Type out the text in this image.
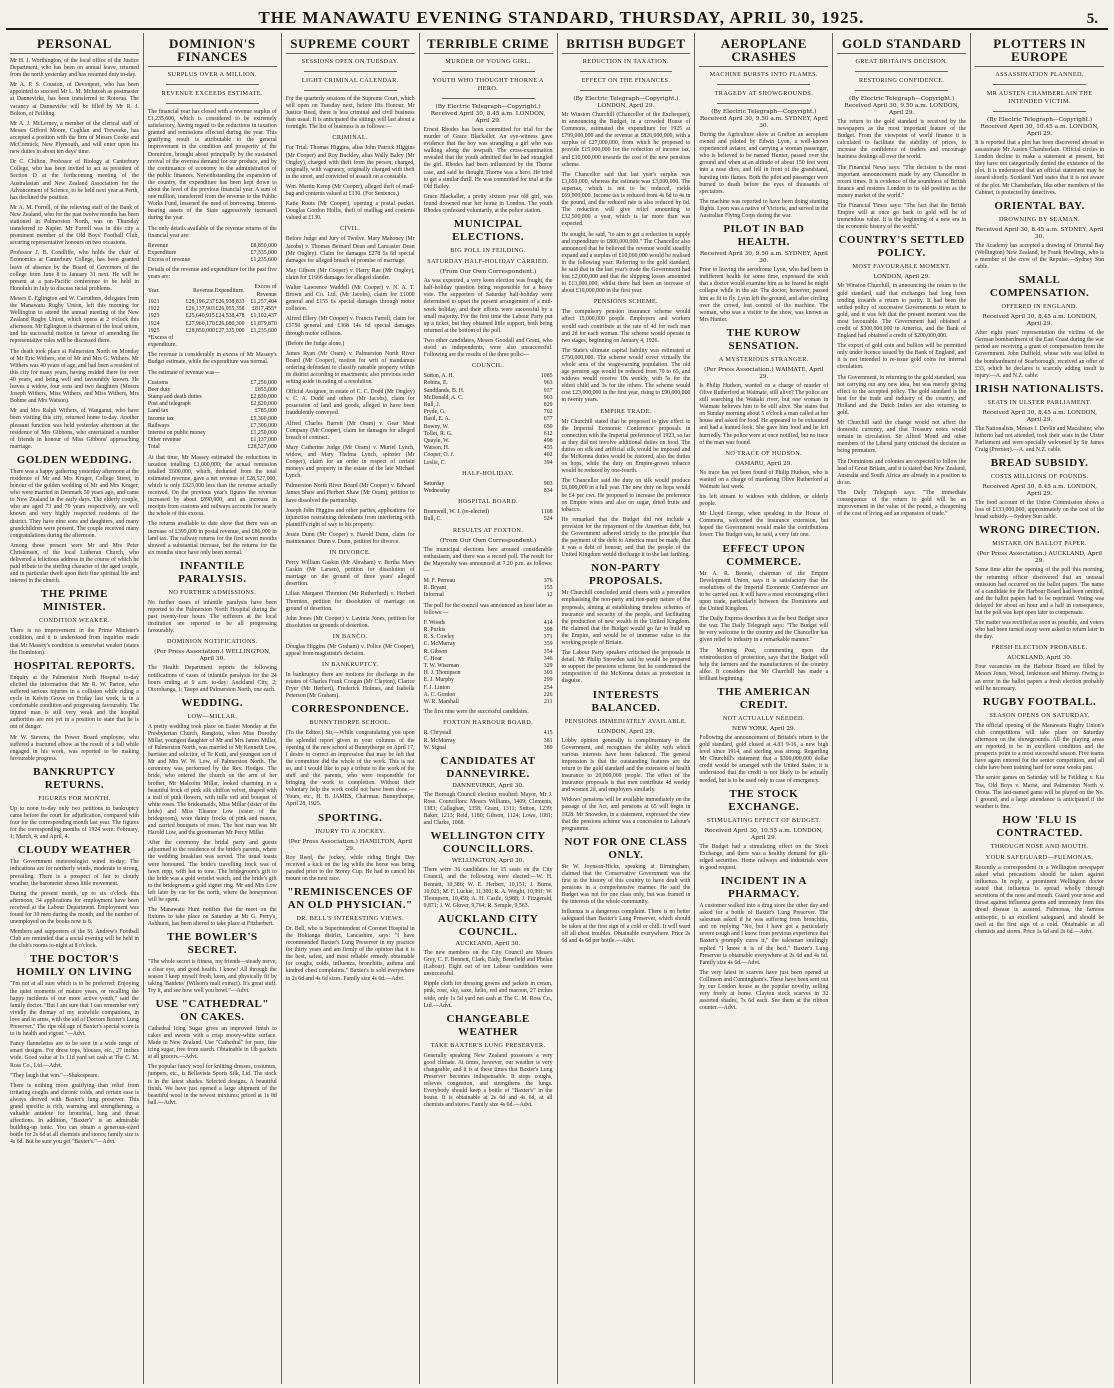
THE MANAWATU EVENING STANDARD, THURSDAY, APRIL 30, 1925.	5.
PERSONAL

Mr H. J. Worthington, of the local office of the Justice Department, who has been on annual leave, returned from the north yesterday and has resumed duty to-day.

Mr A. P. S. Couston, of Devonport, who has been appointed to succeed Mr L. M. McIntosh as postmaster at Dannevirke, has been transferred to Rotorua. The vacancy at Dannevirke will be filled by Mr R. J. Bolton, of Feilding.

Mr A. J. McLerney, a member of the clerical staff of Messrs Gifford Moore, Coghlan and Treweeke, has accepted a position with the firm of Messrs Cooke and McCormick, New Plymouth, and will enter upon his new duties in about ten days' time.

Dr C. Chilton, Professor of Biology at Canterbury College, who has been invited to act as president of Section D at the forthcoming meeting of the Australasian and New Zealand Association for the Advancement of Science, to be held next year at Perth, has declined the position.

Mr A. M. Forrell, of the relieving staff of the Bank of New Zealand, who for the past twelve months has been stationed in Palmerston North, was on Thursday transferred to Napier. Mr Forrell was in this city a prominent member of the Old Boys' Football Club, securing representative honours on two occasions.

Professor J. B. Condliffe, who holds the chair of Economics at Canterbury College, has been granted leave of absence by the Board of Governors of the college from June 8 to January 31 next. He will be present at a pan-Pacific conference to be held in Honolulu in July to discuss racial problems.

Messrs E. Eglington and W. Carruthers, delegates from the Manawatu Rugby Union, left this morning for Wellington to attend the annual meeting of the New Zealand Rugby Union, which opens at 2 o'clock this afternoon. Mr Eglington is chairman of the local union, and his successful motion in favour of amending the representative rules will be discussed there.

The death took place at Palmerston North on Monday of Mr Eric Withers, son of Mr and Mrs G. Withers. Mr Withers was 40 years of age, and had been a resident of this city for many years, having resided there for over 40 years, and being well and favourably known. He leaves a widow, four sons and two daughters (Messrs Joseph Withers, Miss Withers, and Miss Withers, Mrs Bohme and Mrs Watson).

Mr and Mrs Ralph Withers, of Wanganui, who have been visiting this city, returned home to-day. Another pleasant function was held yesterday afternoon at the residence of Mrs Gibbons, who entertained a number of friends in honour of Miss Gibbons' approaching marriage.

GOLDEN WEDDING.

There was a happy gathering yesterday afternoon at the residence of Mr and Mrs Kruger, College Street, in honour of the golden wedding of Mr and Mrs Kruger, who were married in Denmark 50 years ago, and came to New Zealand in the early days. The elderly couple, who are aged 73 and 70 years respectively, are well known and very highly respected residents of the district. They have nine sons and daughters, and many grandchildren were present. The couple received many congratulations during the afternoon.

Among those present were Mr and Mrs Peter Christensen, of the local Lutheran Church, who delivered a felicitous address in the course of which he paid tribute to the sterling character of the aged couple, and in particular dwelt upon their fine spiritual life and interest in the church.

THE PRIME MINISTER.
CONDITION WEAKER.

There is no improvement in the Prime Minister's condition, and it is understood from inquiries made that Mr Massey's condition is somewhat weaker (states the Dominion).

HOSPITAL REPORTS.

Enquiry at the Palmerston North Hospital to-day elicited the information that Mr R. W. Parton, who suffered serious injuries in a collision while riding a cycle in Kelvin Grove on Friday last week, is in a comfortable condition and progressing favourably. The injured man is still very weak and the hospital authorities are not yet in a position to state that he is out of danger.

Mr W. Stevens, the Power Board employee, who suffered a fractured elbow as the result of a fall while engaged in his work, was reported to be making favourable progress.

BANKRUPTCY RETURNS.
FIGURES FOR MONTH.

Up to noon to-day only two petitions in bankruptcy came before the court for adjudication, compared with four for the corresponding month last year. The figures for the corresponding months of 1924 were: February, 1; March, 4; and April, 4.

CLOUDY WEATHER

The Government meteorologist wired to-day: The indications are for northerly winds, moderate to strong, prevailing. There is a prospect of fair to cloudy weather, the barometer shows little movement.

During the present month, up to six o'clock this afternoon, 34 applications for employment have been received at the Labour Department. Employment was found for 30 men during the month, and the number of unemployed on the books now is 8.

Members and supporters of the St. Andrew's Football Club are reminded that a social evening will be held in the club's rooms to-night at 8 o'clock.

THE DOCTOR'S HOMILY ON LIVING

"I'm not at all sure which is to be preferred: Enjoying the quiet moments of mature years, or recalling the happy incidents of our more active youth," said the family doctor. "But I am sure that I can remember very vividly the dismay of my erstwhile companions, in love and in arms, with the aid of Doctors Baxter's Lung Preserver." The ripe old age of Baxter's special score is to its health and vigour."—Advt.

Fancy flannelettes are to be seen in a wide range of smart designs. For dress tops, blouses, etc., 27 inches wide. Good value at 1s 11d yard set cash at The C. M. Ross Co., Ltd.—Advt.

"They laugh that win."—Shakespeare.

There is nothing more gratifying than relief from irritating coughs and chronic colds, and certain ease is always derived with Baxter's lung preserver. This grand specific is rich, warming and strengthening, a valuable antidote for bronchial, lung and throat affections. In addition, "Baxter's" is an admirable building-up tonic. You can obtain a generous-sized bottle for 2s 6d at all chemists and stores; family size is 4s 6d. But be sure you get "Baxter's."—Advt.

DOMINION'S FINANCES
SURPLUS OVER A MILLION.
REVENUE EXCEEDS ESTIMATE.

The financial year has closed with a revenue surplus of £1,235,600, which is considered to be extremely satisfactory, having regard to the reductions in taxation granted and remissions effected during the year. This gratifying result is attributable to the general improvement in the condition and prosperity of the Dominion, brought about principally by the sustained revival of the oversea demand for our produce, and by the continuance of economy in the administration of the public finances. Notwithstanding the expansion of the country, the expenditure has been kept down to about the level of the previous financial year. A sum of one million, transferred from the revenue to the Public Works Fund, lessened the need of borrowing. Interest-bearing assets of the State aggressively increased during the year.

The only details available of the revenue returns of the financial year are:

Revenue	£8,850,000
Expenditure	£7,335,000
Excess of revenue	£1,235,600

Details of the revenue and expenditure for the past five years are:

Year.	Revenue.	Expenditure.	Excess of Revenue
1921	£28,196,237	£26,938,833	£1,257,404
1922	£26,137,903	£26,955,358	£817,455*
1923	£25,640,915	£24,538,478	£1,102,437
1924	£27,960,170	£26,080,300	£1,879,870
1925	£28,850,000	£27,335,000	£1,235,600
*Excess of expenditure.			

The revenue is considerably in excess of Mr Massey's Budget estimate, while the expenditure was normal.

The estimate of revenue was—

Customs	£7,250,000
Beer duty	£855,000
Stamp and death duties	£2,830,000
Post and telegraph	£2,820,000
Land tax	£785,000
Income tax	£5,300,000
Railways	£7,300,000
Interest on public money	£1,250,000
Other revenue	£1,137,000
Total	£28,527,000

At that time, Mr Massey estimated the reductions in taxation totalling £1,000,000; the actual remission totalled £600,000, which, deducted from the total estimated revenue, gave a net revenue of £28,527,000, which is only £323,000 less than the revenue actually received. On the previous year's figures the revenue increased by about £890,000, and an increase in receipts from customs and railways accounts for nearly the whole of this excess.

The returns available to date show that there was an increase of £395,000 in postal revenue, and £86,000 in land tax. The railway returns for the first seven months showed a substantial increase, but the returns for the six months since have only been normal.

INFANTILE PARALYSIS.
NO FURTHER ADMISSIONS.

No further cases of infantile paralysis have been reported to the Palmerston North Hospital during the past twenty-four hours. The sufferers at the local institution are reported to be all progressing favourably.

DOMINION NOTIFICATIONS.
(Per Press Association.) WELLINGTON, April 30.

The Health Department reports the following notifications of cases of infantile paralysis for the 24 hours ending at 9 a.m. to-day: Auckland City, 2; Otorohanga, 1; Taupo and Palmerston North, one each.

WEDDING.
LOW—MILLAR.

A pretty wedding took place on Easter Monday at the Presbyterian Church, Rangiotu, when Miss Dorothy Millar, youngest daughter of Mr and Mrs James Millar, of Palmerston North, was married to Mr Kenneth Low, barrister and solicitor, of Te Kuiti, and youngest son of Mr and Mrs W. W. Low, of Palmerston North. The ceremony was performed by the Rev. Hodges. The bride, who entered the church on the arm of her brother, Mr Malcolm Millar, looked charming in a beautiful frock of pink silk chiffon velvet, draped with a trail of pink flowers, with tulle veil and bouquet of white roses. The bridesmaids, Miss Millar (sister of the bride) and Miss Eleanor Low (sister of the bridegroom), wore dainty frocks of pink and mauve, and carried bouquets of roses. The best man was Mr Harold Low, and the groomsman Mr Percy Millar.

After the ceremony the bridal party and guests adjourned to the residence of the bride's parents, where the wedding breakfast was served. The usual toasts were honoured. The bride's travelling frock was of fawn repp, with hat to tone. The bridegroom's gift to the bride was a gold wristlet watch, and the bride's gift to the bridegroom a gold signet ring. Mr and Mrs Low left later by car for the north, where the honeymoon will be spent.

The Manawatu Hunt notifies that the meet on the fixtures to take place on Saturday at Mr G. Perry's, Ashhurst, has been altered to take place at Fitzherbert.

THE BOWLER'S SECRET.

"The whole secret is fitness, my friends—steady nerve, a clear eye, and good health. I know! All through the season I keep myself fresh, keen, and physically fit by taking 'Batdens' (Wilson's malt extract). It's great stuff. Try it, and see how well you bowl."—Advt.

USE "CATHEDRAL" ON CAKES.

Cathedral Icing Sugar gives an improved finish to cakes and sweets with a crisp snowy-white surface. Made in New Zealand. Use "Cathedral" for pure, fine icing sugar, free from starch. Obtainable in 1lb packets at all grocers.—Advt.

The popular fancy wool for knitting dresses, costumes, jumpers, etc., is Bellavista Sports Silk, Ltd. The stock is in the latest shades. Selected designs. A beautiful finish. We have just opened a large shipment of the beautiful wool in the newest mixtures; priced at 1s 8d ball.—Advt.

SUPREME COURT
SESSIONS OPEN ON TUESDAY.
LIGHT CRIMINAL CALENDAR.

For the quarterly sessions of the Supreme Court, which will open on Tuesday next, before His Honour, Mr Justice Reed, there is less criminal and civil business than usual. It is anticipated the sittings will last about a fortnight. The list of business is as follows:—

CRIMINAL.

For Trial. Thomas Higgins, alias John Patrick Higgins (Mr Cooper) and Roy Buckley, alias Wally Baley (Mr Ongley), charged with theft from the person; charged, originally, with vagrancy, originally charged with theft in the street, and convicted of assault on a constable.

Wm. Martin Kemp (Mr Cooper), alleged theft of mail-bag and contents valued at £130. (For Sentence.)

Katie Roots (Mr Cooper), opening a postal packet. Douglas Gordon Hollis, theft of mailbag and contents valued at £130.

CIVIL.

Before Judge and Jury of Twelve. Mary Mahoney (Mr Jacobs) v. Thomas Bernard Dean and Lancaster Dean (Mr Ongley). Claim for damages £278 5s 6d special damages for alleged breach of promise of marriage.

May Gibson (Mr Cooper) v. Harry Rae (Mr Ongley), claim for £1666 damages for alleged slander.

Walter Lawrence Waddell (Mr Cooper) v. N. A. T. Brown and Co. Ltd. (Mr Jacobs), claim for £1000 general and £155 6s special damages through motor collision.

Alfred Ellery (Mr Cooper) v. Francis Farrell, claim for £3750 general and £368 14s 6d special damages through motor collision.

(Before the Judge alone.)

James Ryan (Mr Oram) v. Palmerston North River Board (Mr Cooper), motion for writ of mandamus ordering defendant to classify rateable property within its district according to enactments; also previous order setting aside its rating of a resolution.

Official Assignee, in estate of C. C. Dodd (Mr Ongley) v. C. A. Dodd and others (Mr Jacobs), claim for possession of land and goods, alleged to have been fraudulently conveyed.

Alfred Charles Barrett (Mr Oram) v. Gear Meat Company (Mr Cooper), claim for damages for alleged breach of contract.

Mary Catherine Judge (Mr Oram) v. Muriel Lynch, widow, and Mary Thelma Lynch, spinster (Mr Cooper), claim for an order in respect of certain moneys and property in the estate of the late Michael Lynch.

Palmerston North River Board (Mr Cooper) v. Edward James Shaw and Herbert Shaw (Mr Oram), petition to have dissolved the partnership.

Joseph John Higgins and other parties, applications for injunction restraining defendants from interfering with plaintiff's right of way to his property.

Jessie Dunn (Mr Cooper) v. Harold Dunn, claim for maintenance. Dunn v. Dunn, petition for divorce.

IN DIVORCE.

Percy William Gaskin (Mr Abraham) v. Bertha Mary Gaskin (Mr Larsen), petition for dissolution of marriage on the ground of three years' alleged desertion.

Lilian Margaret Thornton (Mr Rutherfurd) v. Herbert Thornton, petition for dissolution of marriage on ground of desertion.

John Jones (Mr Cooper) v. Lavinia Jones, petition for dissolution on grounds of desertion.

IN BANCO.

Douglas Higgins (Mr Graham) v. Police (Mr Cooper), appeal from magistrate's decision.

IN BANKRUPTCY.

In bankruptcy there are motions for discharge in the estates of Charles Frank Coogan (Mr Clayton), Clarice Fryer (Mr Herbert), Frederick Holmes, and Isabella Peterson (Mr Graham).

CORRESPONDENCE.
BUNNYTHORPE SCHOOL.

(To the Editor.) Sir,—While congratulating you upon the splendid report given in your columns of the opening of the new school at Bunnythorpe on April 17, I desire to correct an impression that may be left that the committee did the whole of the work. This is not so, and I would like to pay a tribute to the work of the staff and the parents, who were responsible for bringing the work to completion. Without their voluntary help the work could not have been done.—Yours, etc., H. B. JAMES, Chairman. Bunnythorpe, April 28, 1925.

SPORTING.
INJURY TO A JOCKEY.
(Per Press Association.) HAMILTON, April 29.

Roy Reed, the jockey, while riding Bright Day received a kick on the leg while the horse was being paraded prior to the Storey Cup. He had to cancel his mount on the next race.

"REMINISCENCES OF AN OLD PHYSICIAN."
DR. BELL'S INTERESTING VIEWS.

Dr. Bell, who is Superintendent of Coronet Hospital in the Hokianga district, Lancashire, says: "I have recommended Baxter's Lung Preserver in my practice for thirty years and am firmly of the opinion that it is the best, safest, and most reliable remedy obtainable for coughs, colds, influenza, bronchitis, asthma and kindred chest complaints." Baxter's is sold everywhere in 2s 6d and 4s 6d sizes. Family size 4s 6d.—Advt.

TERRIBLE CRIME
MURDER OF YOUNG GIRL.
YOUTH WHO THOUGHT THORNE A HERO.
(By Electric Telegraph—Copyright.) Received April 30, 8.45 a.m. LONDON, April 29.

Ernest Rhodes has been committed for trial for the murder of Grace Blackaller. An eye-witness gave evidence that the boy was strangling a girl who was walking along the towpath. The cross-examination revealed that the youth admitted that he had strangled the girl. Rhodes had been influenced by the Thorne case, and said he thought Thorne was a hero. He tried to get a similar thrill. He was committed for trial at the Old Bailey.

Grace Blackaller, a pretty sixteen year old girl, was found drowned near her home in London. The youth Rhodes confessed voluntarily, at the police station.

MUNICIPAL ELECTIONS.
BIG POLL IN FEILDING.
SATURDAY HALF-HOLIDAY CARRIED.
(From Our Own Correspondent.)

As was expected, a very keen election was fought, the half-holiday question being responsible for a heavy vote. The supporters of Saturday half-holiday were determined to upset the present arrangement of a mid-week holiday, and their efforts were successful by a small majority. For the first time the Labour Party put up a ticket, but they obtained little support, both being returned at the bottom of the poll.

Two other candidates, Messrs Goodall and Grant, who stood as independents, were also unsuccessful. Following are the results of the three polls:—

COUNCIL.
Sutton, A. H.	1085
Robins, E.	963
Sandilands, B. H.	937
McDonald, A. C.	903
Bull, J.	829
Pryde, G.	702
Basil, E. A.	677
Bowey, W.	650
Tollet, R. G.	612
Quayle, W.	498
Watson, H.	455
Cooper, O. J.	402
Leslie, C.	394
HALF-HOLIDAY.
Saturday	903
Wednesday	834
HOSPITAL BOARD.
Bramwell, W. J. (re-elected)	1108
Bull, C.	524
RESULTS AT FOXTON.
(From Our Own Correspondent.)

The municipal elections here aroused considerable enthusiasm, and there was a record poll. The result for the Mayoralty was announced at 7.20 p.m. as follows:—

M. F. Perreau	376
R. Bryant	155
Informal	12

The poll for the council was announced an hour later as follows:—

F. Woods	414
R. Purkis	398
R. S. Cowley	371
C. McMurray	359
R. Gibson	354
C. Hoar	346
T. W. Wiseman	329
H. J. Thompson	303
E. J. Murphy	299
F. J. Linton	254
A. C. Gordon	226
W. R. Marshall	211

The first nine were the successful candidates.

FOXTON HARBOUR BOARD.
R. Chrystall	415
R. McMurray	381
W. Signal	380
CANDIDATES AT DANNEVIRKE.
DANNEVIRKE, April 30.

The Borough Council election resulted: Mayor, Mr J. Rose. Councillors: Messrs Williams, 1409; Clements, 1383; Callaghan, 1358; Grant, 1311; Sutton, 1239; Baker, 1213; Reid, 1180; Gibson, 1124; Lowe, 1081; and Clarke, 1068.

WELLINGTON CITY COUNCILLORS.
WELLINGTON, April 30.

There were 36 candidates for 15 seats on the City Council, and the following were elected:—W. H. Bennett, 10,386; W. E. Herbert, 10,151; J. Burns, 10,023; M. F. Luckie, 11,300; R. A. Wright, 10,991; W. Thompson, 10,458; A. H. Castle, 9,988; J. Fitzgerald, 9,871; J. W. Glover, 9,764; R. Semple, 9,563.

AUCKLAND CITY COUNCIL.
AUCKLAND, April 30.

The new members on the City Council are Messrs Grey, C. F. Bennett, Clark, Eady, Benefield and Phelan (Labour). Eight out of ten Labour candidates were unsuccessful.

Ripple cloth for dressing gowns and jackets in cream, pink, rose, sky, saxe, helio, red and maroon, 27 inches wide, only 1s 5d yard net cash at The C. M. Ross Co., Ltd.—Advt.

CHANGEABLE WEATHER
TAKE BAXTER'S LUNG PRESERVER.

Generally speaking New Zealand possesses a very good climate. At times, however, our weather is very changeable, and it is at these times that Baxter's Lung Preserver becomes indispensable. It stops coughs, relieves congestion, and strengthens the lungs. Everybody should keep a bottle of "Baxter's" in the house. It is obtainable at 2s 6d and 4s 6d, at all chemists and stores. Family size 4s 6d.—Advt.

BRITISH BUDGET
REDUCTION IN TAXATION.
EFFECT ON THE FINANCES.
(By Electric Telegraph—Copyright.) LONDON, April 29.

Mr Winston Churchill (Chancellor of the Exchequer), in announcing the Budget, in a crowded House of Commons, estimated the expenditure for 1925 at £799,000,000 and the revenue at £826,000,000, with a surplus of £27,000,000, from which he proposed to provide £15,000,000 for the reduction of income tax, and £10,000,000 towards the cost of the new pensions scheme.

The Chancellor said that last year's surplus was £3,659,000, whereas the estimate was £3,000,000. The supertax, which is not to be reduced, yields £69,000,000. Income tax is reduced from 4s 6d to 4s in the pound, and the reduced rate is also reduced by 6d. The reduction will give relief amounting to £32,500,000 a year, which is far more than was expected.

He sought, he said, "to aim to get a reduction in supply and expenditure to £800,000,000." The Chancellor also announced that he believed the revenue would steadily expand and a surplus of £10,000,000 would be realised in the following year. Referring to the gold standard, he said that in the last year's trade the Government had lost £2,000,000 and that the shipping losses amounted to £13,000,000, whilst there had been an increase of about £10,000,000 in the first year.

PENSIONS SCHEME.

The compulsory pension insurance scheme would affect 15,000,000 people. Employers and workers would each contribute at the rate of 4d for each man and 2d for each woman. The scheme would operate in two stages, beginning on January 4, 1926.

The State's ultimate capital liability was estimated at £750,000,000. The scheme would cover virtually the whole area of the wage-earning population. The old age pension age would be reduced from 70 to 65, and widows would receive 10s weekly, with 5s for the eldest child and 3s for the others. The scheme would cost £23,000,000 in the first year, rising to £90,000,000 in twenty years.

EMPIRE TRADE.

Mr Churchill stated that he proposed to give effect to the Imperial Economic Conference proposals in connection with the Imperial preference of 1923, so far as they did not involve additional duties on food. The duties on silk and artificial silk would be imposed and the McKenna duties would be restored, also the duties on hops, while the duty on Empire-grown tobacco would be reduced by one-fourth.

The Chancellor said the duty on silk would produce £6,000,000 in a full year. The new duty on hops would be £4 per cwt. He proposed to increase the preference on Empire wines and also on sugar, dried fruits and tobacco.

He remarked that the Budget did not include a provision for the repayment of the American debt, but the Government adhered strictly to the principle that the payment of the debt to America must be made, that it was a debt of honour, and that the people of the United Kingdom would discharge it to the last farthing.

NON-PARTY PROPOSALS.

Mr Churchill concluded amid cheers with a peroration emphasising the non-party and non-party nature of the proposals, aiming at establishing timeless schemes of insurance and security of the people, and facilitating the production of new wealth in the United Kingdom. He claimed that the Budget would go far to build up the Empire, and would be of immense value to the working people of Britain.

The Labour Party speakers criticised the proposals in detail. Mr Philip Snowden said he would be prepared to support the pensions scheme, but he condemned the reimposition of the McKenna duties as protection in disguise.

INTERESTS BALANCED.
PENSIONS IMMEDIATELY AVAILABLE.
LONDON, April 29.

Lobby opinion generally is complimentary to the Government, and recognises the ability with which various interests have been balanced. The general impression is that the outstanding features are the return to the gold standard and the extension of health insurance to 20,000,000 people. The effect of the insurance proposals is that men contribute 4d weekly and women 2d, and employers similarly.

Widows' pensions will be available immediately on the passage of the Act, and pensions at 65 will begin in 1928. Mr Snowden, in a statement, expressed the view that the pensions scheme was a concession to Labour's programme.

NOT FOR ONE CLASS ONLY.

Sir W. Joynson-Hicks, speaking at Birmingham, claimed that the Conservative Government was the first in the history of this country to have dealt with pensions in a comprehensive manner. He said the Budget was not for one class only, but was framed in the interests of the whole community.

Influenza is a dangerous complaint. There is no better safeguard than Baxter's Lung Preserver, which should be taken at the first sign of a cold or chill. It will ward off all chest troubles. Obtainable everywhere. Price 2s 6d and 4s 6d per bottle.—Advt.

AEROPLANE CRASHES
MACHINE BURSTS INTO FLAMES.
TRAGEDY AT SHOWGROUNDS.
(By Electric Telegraph—Copyright.) Received April 30, 9.50 a.m. SYDNEY, April 30.

During the Agriculture show at Grafton an aeroplane owned and piloted by Edwin Lyon, a well-known experienced aviator, and carrying a woman passenger, who is believed to be named Hunter, passed over the ground and when at an altitude of about 150 feet went into a nose dive, and fell in front of the grandstand, bursting into flames. Both the pilot and passenger were burned to death before the eyes of thousands of spectators.

The machine was reported to have been doing stunting flights. Lyon was a native of Victoria, and served in the Australian Flying Corps during the war.

PILOT IN BAD HEALTH.
Received April 30, 9.50 a.m. SYDNEY, April 30.

Prior to leaving the aerodrome Lyon, who had been in indifferent health for some time, expressed the wish that a doctor would examine him as he feared he might collapse while in the air. The doctor, however, passed him as fit to fly. Lyon left the ground, and after circling over the crowd, lost control of the machine. The woman, who was a visitor to the show, was known as Mrs Hunter.

THE KUROW SENSATION.
A MYSTERIOUS STRANGER.
(Per Press Association.) WAIMATE, April 29.

Is Philip Hudson, wanted on a charge of murder of Olive Rutherford at Waimate, still alive? The police are still searching the Waitaki river, but one woman in Waimate believes him to be still alive. She states that on Sunday morning about 5 o'clock a man called at her house and asked for food. He appeared to be exhausted and had a hunted look. She gave him food and he left hurriedly. The police were at once notified, but no trace of the man was found.

NO TRACE OF HUDSON.
OAMARU, April 29.

No trace has yet been found of Philip Hudson, who is wanted on a charge of murdering Olive Rutherford at Waimate last week.

his left stream to widows with children, or elderly people.

Mr Lloyd George, when speaking in the House of Commons, welcomed the insurance extension, but hoped the Government would make the contributions lower. The Budget was, he said, a very fair one.

EFFECT UPON COMMERCE.

Mr A. R. Bennie, chairman of the Empire Development Union, says it is satisfactory that the resolutions of the Imperial Economic Conference are to be carried out. It will have a most encouraging effect upon trade, particularly between the Dominions and the United Kingdom.

The Daily Express describes it as the best Budget since the war. The Daily Telegraph says: "The Budget will be very welcome to the country and the Chancellor has given relief to industry in a remarkable manner."

The Morning Post, commenting upon the reintroduction of protection, says that the Budget will help the farmers and the manufacturers of the country alike. It considers that Mr Churchill has made a brilliant beginning.

THE AMERICAN CREDIT.
NOT ACTUALLY NEEDED.
NEW YORK, April 29.

Following the announcement of Britain's return to the gold standard, gold closed at 4.83 9-16, a new high level since 1914, and sterling was strong. Regarding Mr Churchill's statement that a $300,000,000 dollar credit would be arranged with the United States, it is understood that the credit is not likely to be actually needed, but is to be used only in case of emergency.

THE STOCK EXCHANGE.
STIMULATING EFFECT OF BUDGET.
Received April 30, 10.55 a.m. LONDON, April 29.

The Budget had a stimulating effect on the Stock Exchange, and there was a healthy demand for gilt-edged securities. Home railways and industrials were in good request.

INCIDENT IN A PHARMACY.

A customer walked into a drug store the other day and asked for a bottle of Baxter's Lung Preserver. The salesman asked if he was suffering from bronchitis, and on replying "No, but I have got a particularly severe cough and I know from previous experience that Baxter's promptly cures it," the salesman smilingly replied "I know it is of the best." Baxter's Lung Preserver is obtainable everywhere at 2s 6d and 4s 6d. Family size 4s 6d.—Advt.

The very latest in scarves have just been opened at Collinson and Cunningham's. These have been sent out by our London house as the popular novelty, selling very freely at home. Clayton stock scarves in 32 assorted shades, 7s 6d each. See them at the ribbon counter.—Advt.

GOLD STANDARD
GREAT BRITAIN'S DECISION.
RESTORING CONFIDENCE.
(By Electric Telegraph—Copyright.) Received April 30, 9.50 a.m. LONDON, April 29.

The return to the gold standard is received by the newspapers as the most important feature of the Budget. From the viewpoint of world finance it is calculated to facilitate the stability of prices, to increase the confidence of traders and encourage business dealings all over the world.

The Financial News says: "The decision is the most important announcement made by any Chancellor in recent times. It is evidence of the soundness of British finance and restores London to its old position as the money market of the world."

The Financial Times says: "The fact that the British Empire will at once go back to gold will be of tremendous value. It is the beginning of a new era in the economic history of the world."

COUNTRY'S SETTLED POLICY.
MOST FAVOURABLE MOMENT.
LONDON, April 29.

Mr Winston Churchill, in announcing the return to the gold standard, said that exchanges had long been tending towards a return to parity. It had been the settled policy of successive Governments to return to gold, and it was felt that the present moment was the most favourable. The Government had obtained a credit of $300,000,000 in America, and the Bank of England had obtained a credit of $200,000,000.

The export of gold coin and bullion will be permitted only under licence issued by the Bank of England, and it is not intended to re-issue gold coins for internal circulation.

The Government, in returning to the gold standard, was not carrying out any new idea, but was merely giving effect to the accepted policy. The gold standard is the best for the trade and industry of the country, and Holland and the Dutch Indies are also returning to gold.

Mr Churchill said the change would not affect the domestic currency, and that Treasury notes would remain in circulation. Sir Alfred Mond and other members of the Liberal party criticised the decision as being premature.

The Dominions and colonies are expected to follow the lead of Great Britain, and it is stated that New Zealand, Australia and South Africa are already in a position to do so.

The Daily Telegraph says: "The immediate consequence of the return to gold will be an improvement in the value of the pound, a cheapening of the cost of living and an expansion of trade."

PLOTTERS IN EUROPE
ASSASSINATION PLANNED.
MR AUSTEN CHAMBERLAIN THE INTENDED VICTIM.
(By Electric Telegraph—Copyright.) Received April 30, 10.45 a.m. LONDON, April 29.

It is reported that a plot has been discovered abroad to assassinate Mr Austen Chamberlain. Official circles in London decline to make a statement at present, but they have not categorically denied the existence of the plot. It is understood that an official statement may be issued shortly. Scotland Yard states that it is not aware of the plot. Mr Chamberlain, like other members of the Cabinet, is protected by detectives.

ORIENTAL BAY.
DROWNING BY SEAMAN.
Received April 30, 8.45 a.m. SYDNEY, April 30.

The Academy has accepted a drawing of Oriental Bay (Wellington) New Zealand, by Frank Hewlings, who is a member of the crew of the Repulse.—Sydney Sun cable.

SMALL COMPENSATION.
OFFERED IN ENGLAND.
Received April 30, 8.45 a.m. LONDON, April 29.

After eight years' representation the victims of the German bombardment of the East Coast during the war period are receiving a grant of compensation from the Government. John Duffield, whose wife was killed in the bombardment of Scarborough, received an offer of £33, which he declares is scarcely adding insult to injury.—A. and N.Z. cable.

IRISH NATIONALISTS.
SEATS IN ULSTER PARLIAMENT.
Received April 30, 8.45 a.m. LONDON, April 29.

The Nationalists, Messrs J. Devlin and Macalister, who hitherto had not attended, took their seats in the Ulster Parliament and were specially welcomed by Sir James Craig (Premier).—A. and N.Z. cable.

BREAD SUBSIDY.
COSTS MILLIONS OF POUNDS.
Received April 30, 8.45 a.m. LONDON, April 29.

The food account of the Union Commission shows a loss of £133,000,000, approximately on the cost of the bread subsidy.—Sydney Sun cable.

WRONG DIRECTION.
MISTAKE ON BALLOT PAPER.
(Per Press Association.) AUCKLAND, April 29.

Some time after the opening of the poll this morning, the returning officer discovered that an unusual omission had occurred on the ballot papers. The name of a candidate for the Harbour Board had been omitted, and the ballot papers had to be reprinted. Voting was delayed for about an hour and a half in consequence, but the poll was kept open later to compensate.

The matter was rectified as soon as possible, and voters who had been turned away were asked to return later in the day.

FRESH ELECTION PROBABLE.
AUCKLAND, April 30.

Four vacancies on the Harbour Board are filled by Messrs Jones, Wood, Jenkinson and Murray. Owing to an error in the ballot papers a fresh election probably will be necessary.

RUGBY FOOTBALL.
SEASON OPENS ON SATURDAY.

The official opening of the Manawatu Rugby Union's club competitions will take place on Saturday afternoon on the showgrounds. All the playing areas are reported to be in excellent condition and the prospects point to a most successful season. Five teams have again entered for the senior competition, and all clubs have been training hard for some weeks past.

The senior games on Saturday will be Feilding v. Kia Toa, Old Boys v. Marist, and Palmerston North v. Oroua. The last-named game will be played on the No. 1 ground, and a large attendance is anticipated if the weather is fine.

HOW 'FLU IS CONTRACTED.
THROUGH NOSE AND MOUTH.
YOUR SAFEGUARD—FULMONAS.

Recently a correspondent in a Wellington newspaper asked what precautions should be taken against influenza. In reply, a prominent Wellington doctor stated that influenza is spread wholly through secretions of the nose and mouth. Guard your nose and throat against influenza germs and immunity from this dread disease is assured. Fulmonas, the famous antiseptic, is an excellent safeguard, and should be used at the first sign of a cold. Obtainable at all chemists and stores. Price 1s 6d and 2s 6d.—Advt.
